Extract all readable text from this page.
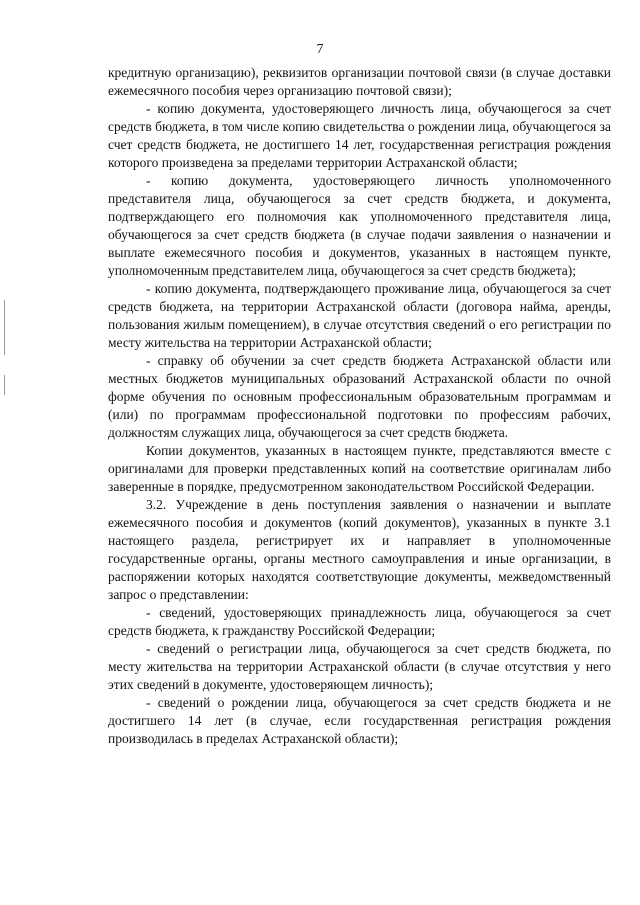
7

кредитную организацию), реквизитов организации почтовой связи (в случае доставки ежемесячного пособия через организацию почтовой связи);

- копию документа, удостоверяющего личность лица, обучающегося за счет средств бюджета, в том числе копию свидетельства о рождении лица, обучающегося за счет средств бюджета, не достигшего 14 лет, государственная регистрация рождения которого произведена за пределами территории Астраханской области;

- копию документа, удостоверяющего личность уполномоченного представителя лица, обучающегося за счет средств бюджета, и документа, подтверждающего его полномочия как уполномоченного представителя лица, обучающегося за счет средств бюджета (в случае подачи заявления о назначении и выплате ежемесячного пособия и документов, указанных в настоящем пункте, уполномоченным представителем лица, обучающегося за счет средств бюджета);

- копию документа, подтверждающего проживание лица, обучающегося за счет средств бюджета, на территории Астраханской области (договора найма, аренды, пользования жилым помещением), в случае отсутствия сведений о его регистрации по месту жительства на территории Астраханской области;

- справку об обучении за счет средств бюджета Астраханской области или местных бюджетов муниципальных образований Астраханской области по очной форме обучения по основным профессиональным образовательным программам и (или) по программам профессиональной подготовки по профессиям рабочих, должностям служащих лица, обучающегося за счет средств бюджета.

Копии документов, указанных в настоящем пункте, представляются вместе с оригиналами для проверки представленных копий на соответствие оригиналам либо заверенные в порядке, предусмотренном законодательством Российской Федерации.

3.2. Учреждение в день поступления заявления о назначении и выплате ежемесячного пособия и документов (копий документов), указанных в пункте 3.1 настоящего раздела, регистрирует их и направляет в уполномоченные государственные органы, органы местного самоуправления и иные организации, в распоряжении которых находятся соответствующие документы, межведомственный запрос о представлении:

- сведений, удостоверяющих принадлежность лица, обучающегося за счет средств бюджета, к гражданству Российской Федерации;

- сведений о регистрации лица, обучающегося за счет средств бюджета, по месту жительства на территории Астраханской области (в случае отсутствия у него этих сведений в документе, удостоверяющем личность);

- сведений о рождении лица, обучающегося за счет средств бюджета и не достигшего 14 лет (в случае, если государственная регистрация рождения производилась в пределах Астраханской области);
